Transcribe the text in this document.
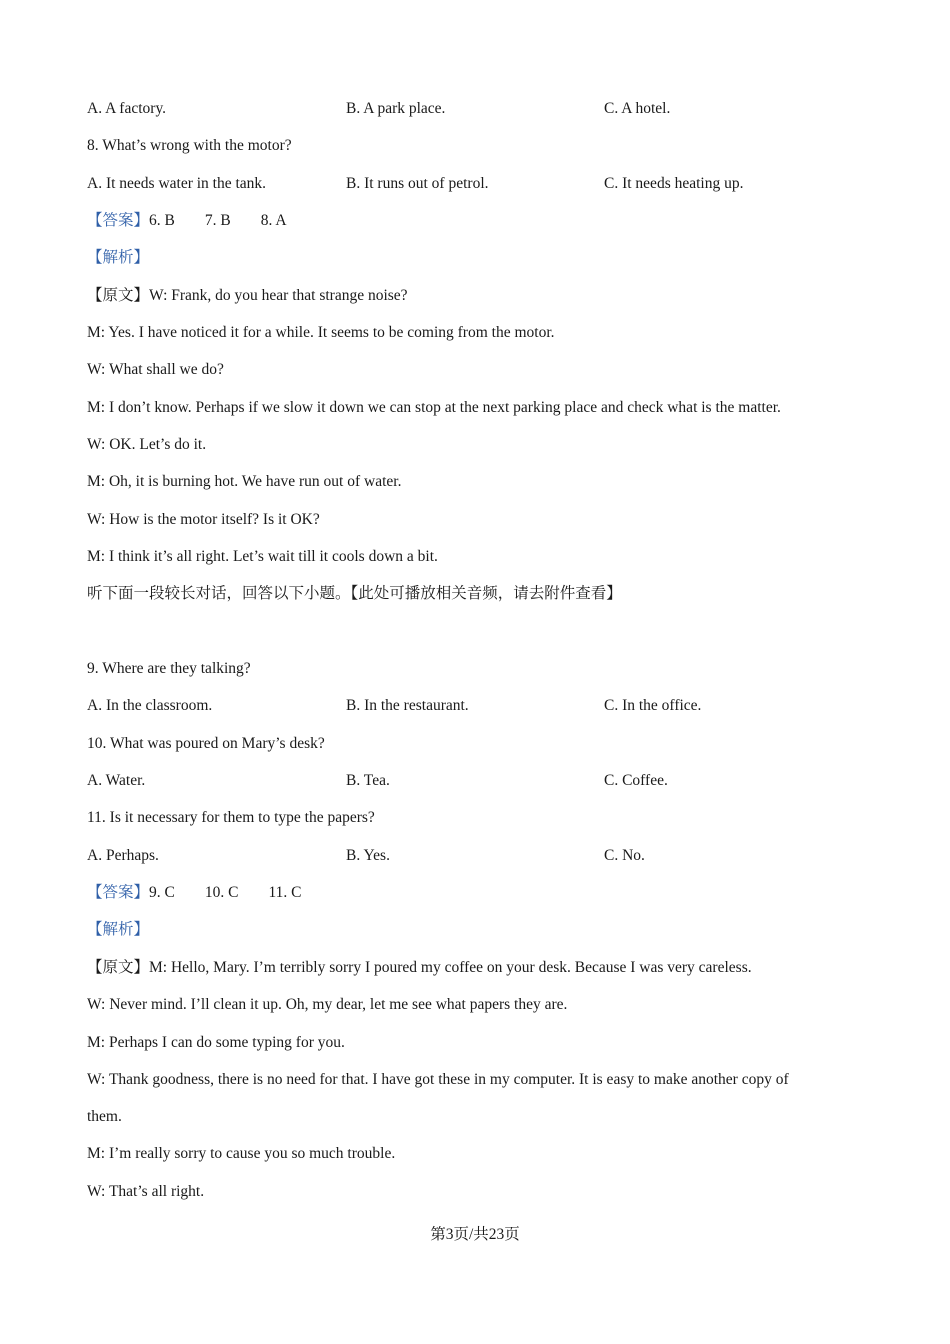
A. A factory.	B. A park place.	C. A hotel.
8. What’s wrong with the motor?
A. It needs water in the tank.	B. It runs out of petrol.	C. It needs heating up.
【答案】6. B 7. B 8. A
【解析】
【原文】W: Frank, do you hear that strange noise?
M: Yes. I have noticed it for a while. It seems to be coming from the motor.
W: What shall we do?
M: I don’t know. Perhaps if we slow it down we can stop at the next parking place and check what is the matter.
W: OK. Let’s do it.
M: Oh, it is burning hot. We have run out of water.
W: How is the motor itself? Is it OK?
M: I think it’s all right. Let’s wait till it cools down a bit.
听下面一段较长对话，回答以下小题。【此处可播放相关音频，请去附件查看】
9. Where are they talking?
A. In the classroom.	B. In the restaurant.	C. In the office.
10. What was poured on Mary’s desk?
A. Water.	B. Tea.	C. Coffee.
11. Is it necessary for them to type the papers?
A. Perhaps.	B. Yes.	C. No.
【答案】9. C 10. C 11. C
【解析】
【原文】M: Hello, Mary. I’m terribly sorry I poured my coffee on your desk. Because I was very careless.
W: Never mind. I’ll clean it up. Oh, my dear, let me see what papers they are.
M: Perhaps I can do some typing for you.
W: Thank goodness, there is no need for that. I have got these in my computer. It is easy to make another copy of
them.
M: I’m really sorry to cause you so much trouble.
W: That’s all right.
第3页/共23页
